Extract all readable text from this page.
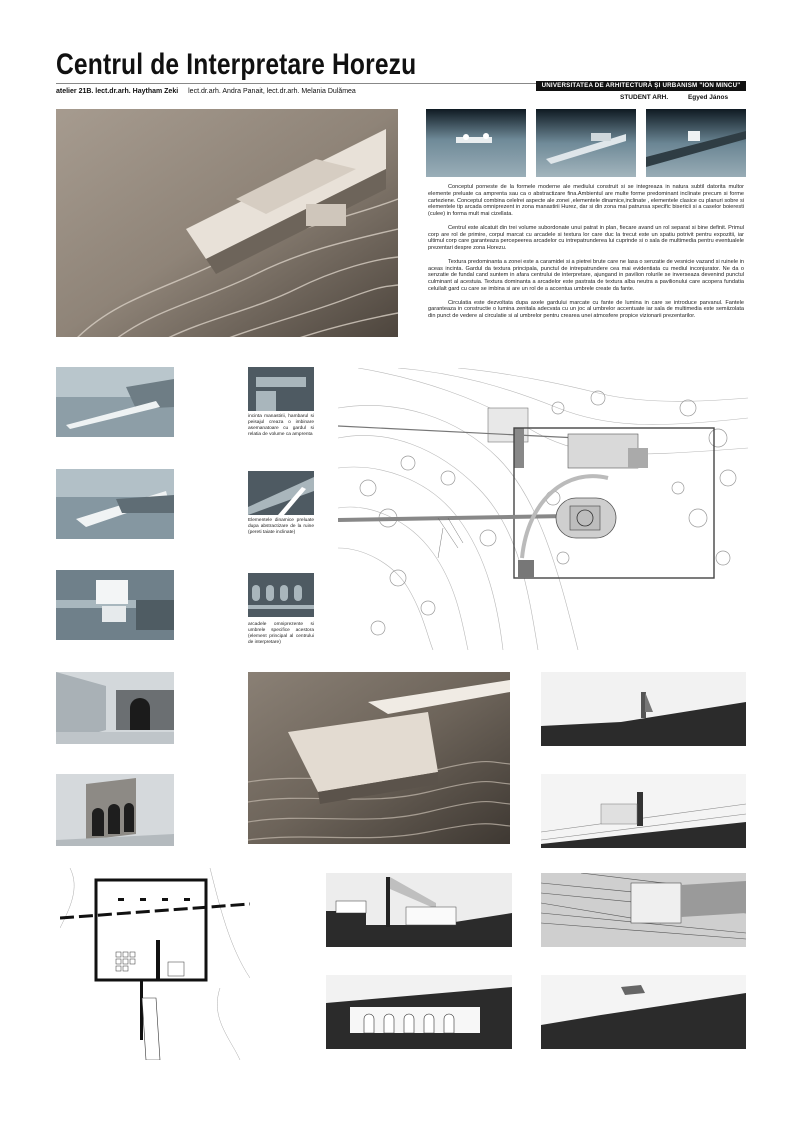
Centrul de Interpretare Horezu
UNIVERSITATEA DE ARHITECTURĂ ȘI URBANISM "ION MINCU"
atelier 21B. lect.dr.arh. Haytham Zeki lect.dr.arh. Andra Panait, lect.dr.arh. Melania Dulămea
STUDENT ARH.	Egyed János

Conceptul porneste de la formele moderne ale mediului construit si se integreaza in natura subtil datorita multor elemente preluate ca amprenta sau ca o abstractizare fina.Ambientul are multe forme predominant inclinate precum si forme carteziene. Conceptul combina celelrei aspecte ale zonei ,elementele dinamice,inclinate , elementele clasice cu planuri sobre si elementele tip arcada omniprezent in zona manastirii Hurez, dar si din zona mai patrunsa specific bisericii si a caselor boieresti (culee) in forma mult mai cizellata.

Centrul este alcatuit din trei volume subordonate unui patrat in plan, fiecare avand un rol separat si bine definit. Primul corp are rol de primire, corpul marcat cu arcadele si textura lor care duc la trecut este un spatiu potrivit pentru expozitii, iar ultimul corp care garanteaza percepeerea arcadelor cu intrepatrunderea lui cuprinde si o sala de multimedia pentru eventualele prezentari despre zona Horezu.

Textura predominanta a zonei este a caramidei si a pietrei brute care ne lasa o senzatie de vesnicie vazand si ruinele in aceas incinta. Gardul da textura principala, punctul de intrepatrundere cea mai evidentiata cu mediul inconjurator. Ne da o senzatie de fundal cand suntem in afara centrului de interpretare, ajungand in pavilion rolurile se inverseaza devenind punctul culminant al acestuia. Textura dominanta a arcadelor este pastrata de textura alba neutra a pavilionului care acopera fundatia celuilalt gard cu care se imbina si are un rol de a accentua umbrele create da fante.

Circulatia este dezvoltata dupa axele gardului marcate cu fante de lumina in care se introduce parvanul. Fantele garanteaza in constructie o lumina zenitala adecvata cu un joc al umbrelor accentuate iar sala de multimedia este semiizolata din punct de vedere al circulatie si al umbrelor pentru crearea unei atmosfere propice vizionarii prezentarilor.

incinta manastirii, hambarul si peisajul creaza o imbinare asemanatoare cu gardul si relatia de volume ca amprenta
Elementele dinamice preluate dupa abstractizare de la ruine (pereti taiate inclinate)
arcadele omniprezente si umbrele specifice acestora (element principal al centrului de interpretare)
